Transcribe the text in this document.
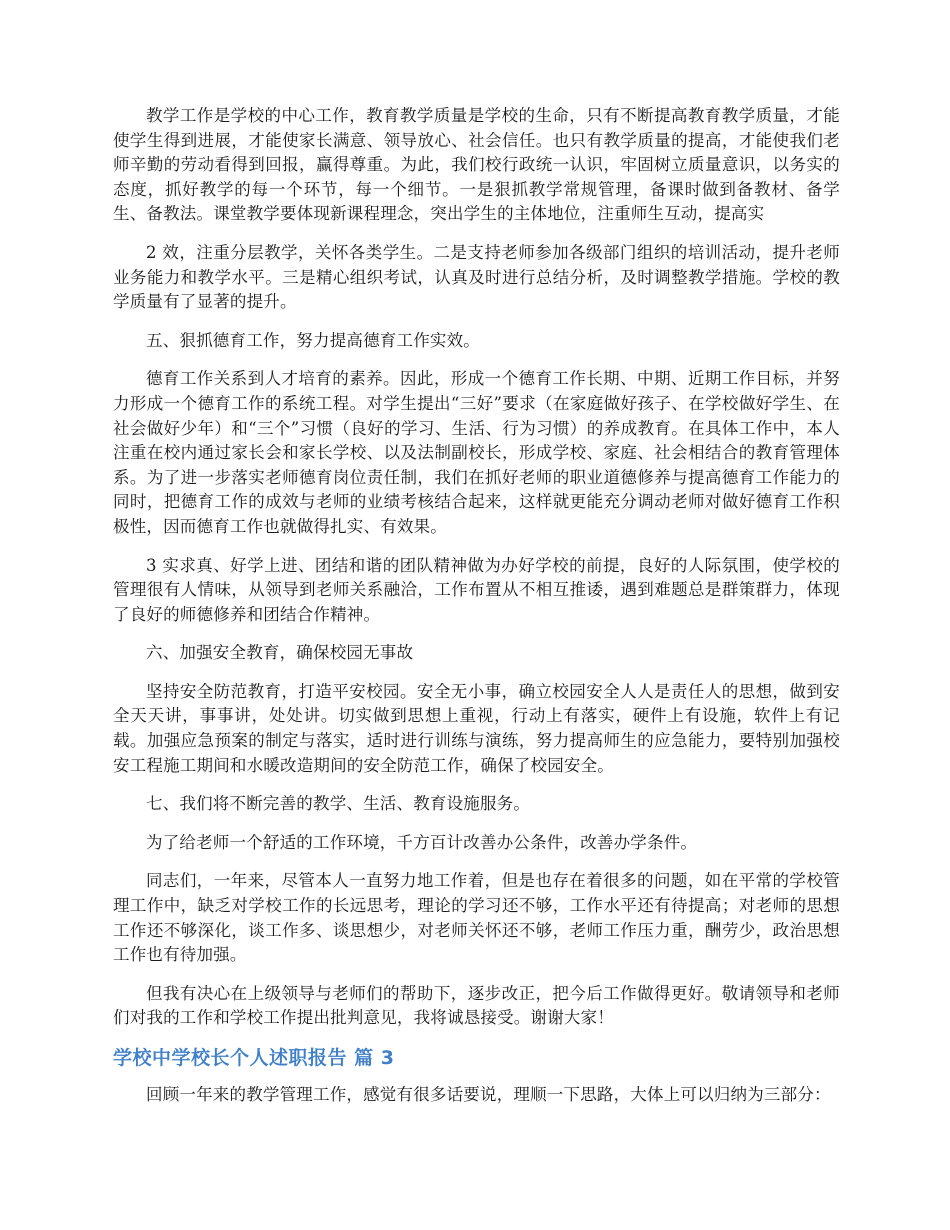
教学工作是学校的中心工作，教育教学质量是学校的生命，只有不断提高教育教学质量，才能使学生得到进展，才能使家长满意、领导放心、社会信任。也只有教学质量的提高，才能使我们老师辛勤的劳动看得到回报，赢得尊重。为此，我们校行政统一认识，牢固树立质量意识，以务实的态度，抓好教学的每一个环节，每一个细节。一是狠抓教学常规管理，备课时做到备教材、备学生、备教法。课堂教学要体现新课程理念，突出学生的主体地位，注重师生互动，提高实

2 效，注重分层教学，关怀各类学生。二是支持老师参加各级部门组织的培训活动，提升老师业务能力和教学水平。三是精心组织考试，认真及时进行总结分析，及时调整教学措施。学校的教学质量有了显著的提升。

五、狠抓德育工作，努力提高德育工作实效。

德育工作关系到人才培育的素养。因此，形成一个德育工作长期、中期、近期工作目标，并努力形成一个德育工作的系统工程。对学生提出“三好”要求（在家庭做好孩子、在学校做好学生、在社会做好少年）和“三个”习惯（良好的学习、生活、行为习惯）的养成教育。在具体工作中，本人注重在校内通过家长会和家长学校、以及法制副校长，形成学校、家庭、社会相结合的教育管理体系。为了进一步落实老师德育岗位责任制，我们在抓好老师的职业道德修养与提高德育工作能力的同时，把德育工作的成效与老师的业绩考核结合起来，这样就更能充分调动老师对做好德育工作积极性，因而德育工作也就做得扎实、有效果。

3 实求真、好学上进、团结和谐的团队精神做为办好学校的前提，良好的人际氛围，使学校的管理很有人情味，从领导到老师关系融洽，工作布置从不相互推诿，遇到难题总是群策群力，体现了良好的师德修养和团结合作精神。

六、加强安全教育，确保校园无事故

坚持安全防范教育，打造平安校园。安全无小事，确立校园安全人人是责任人的思想，做到安全天天讲，事事讲，处处讲。切实做到思想上重视，行动上有落实，硬件上有设施，软件上有记载。加强应急预案的制定与落实，适时进行训练与演练，努力提高师生的应急能力，要特别加强校安工程施工期间和水暖改造期间的安全防范工作，确保了校园安全。

七、我们将不断完善的教学、生活、教育设施服务。

为了给老师一个舒适的工作环境，千方百计改善办公条件，改善办学条件。

同志们，一年来，尽管本人一直努力地工作着，但是也存在着很多的问题，如在平常的学校管理工作中，缺乏对学校工作的长远思考，理论的学习还不够，工作水平还有待提高；对老师的思想工作还不够深化，谈工作多、谈思想少，对老师关怀还不够，老师工作压力重，酬劳少，政治思想工作也有待加强。

但我有决心在上级领导与老师们的帮助下，逐步改正，把今后工作做得更好。敬请领导和老师们对我的工作和学校工作提出批判意见，我将诚恳接受。谢谢大家！

学校中学校长个人述职报告 篇 3

回顾一年来的教学管理工作，感觉有很多话要说，理顺一下思路，大体上可以归纳为三部分：
